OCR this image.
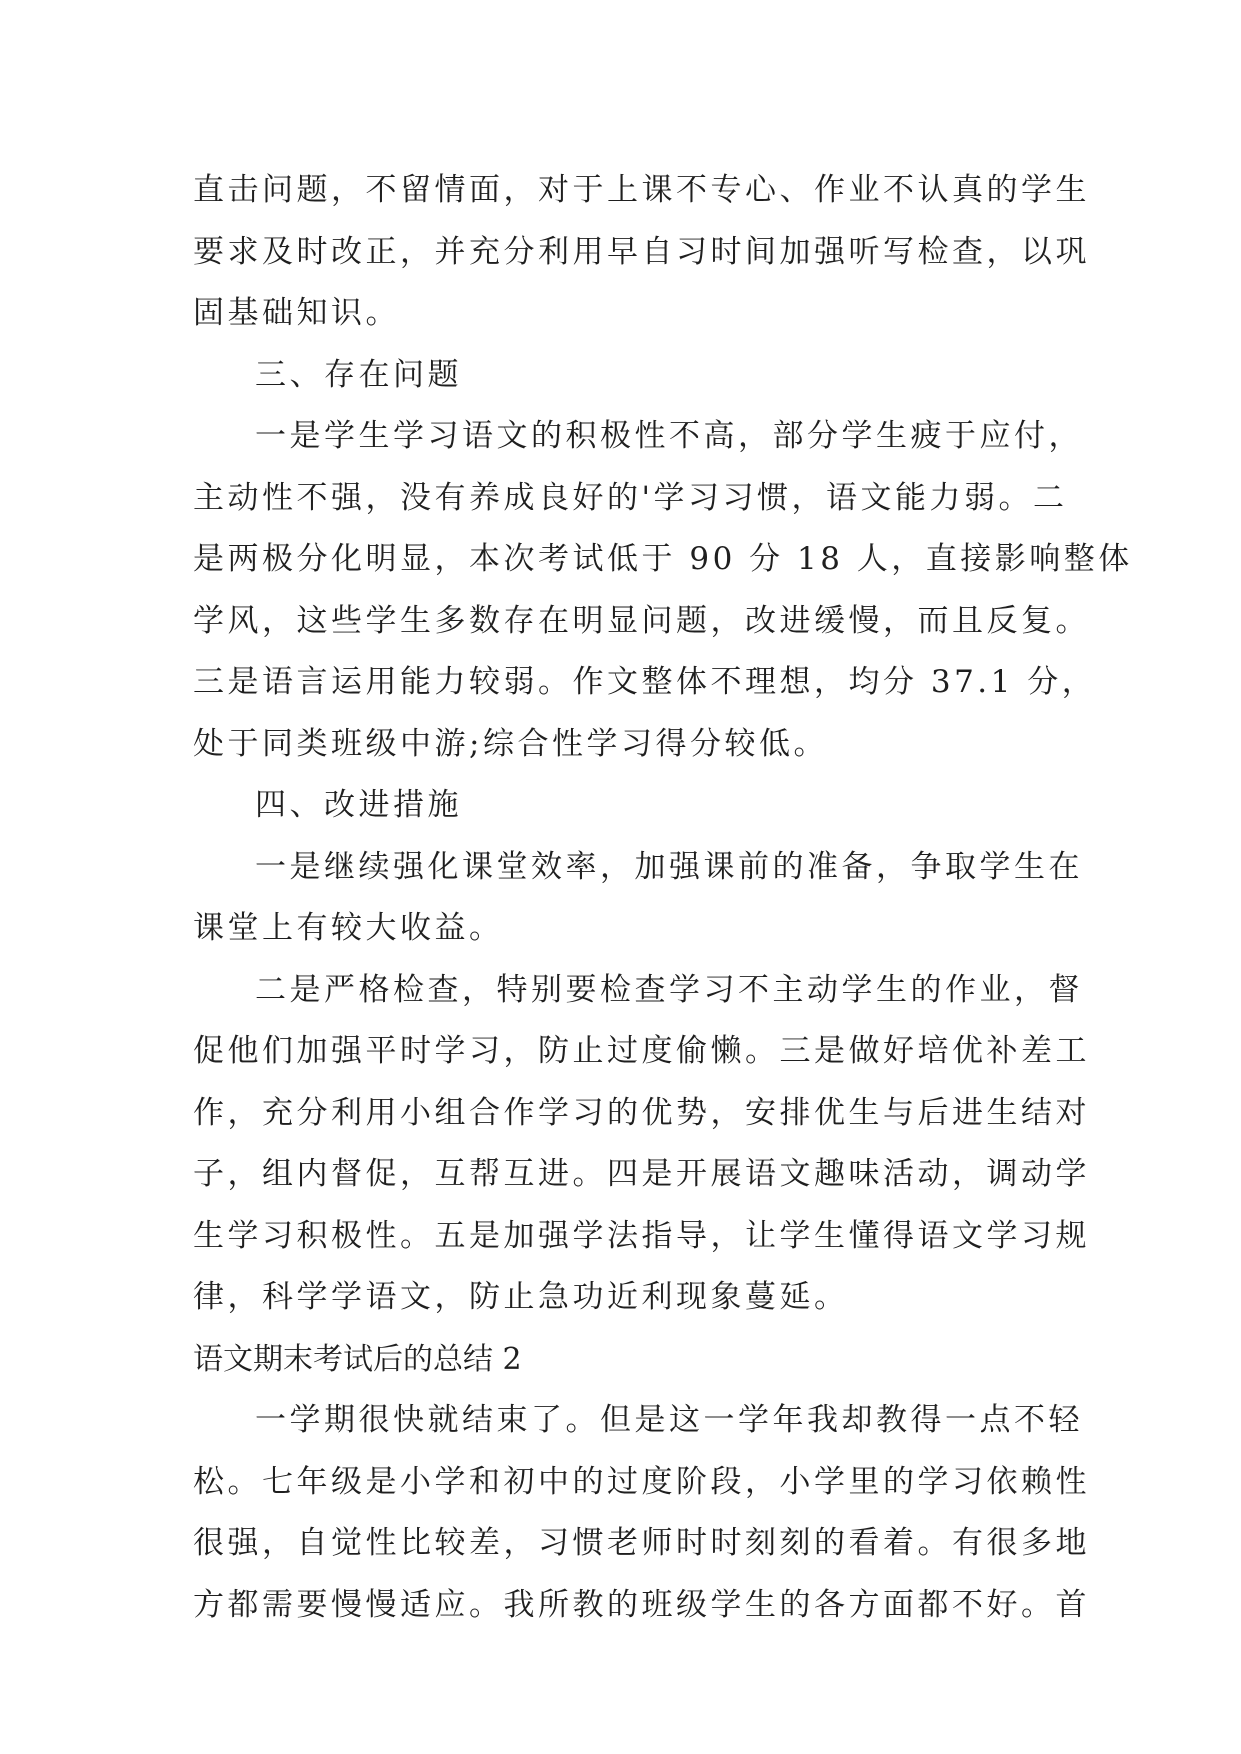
直击问题，不留情面，对于上课不专心、作业不认真的学生
要求及时改正，并充分利用早自习时间加强听写检查，以巩
固基础知识。
三、存在问题
一是学生学习语文的积极性不高，部分学生疲于应付，
主动性不强，没有养成良好的'学习习惯，语文能力弱。二
是两极分化明显，本次考试低于 90 分 18 人，直接影响整体
学风，这些学生多数存在明显问题，改进缓慢，而且反复。
三是语言运用能力较弱。作文整体不理想，均分 37.1 分，
处于同类班级中游;综合性学习得分较低。
四、改进措施
一是继续强化课堂效率，加强课前的准备，争取学生在
课堂上有较大收益。
二是严格检查，特别要检查学习不主动学生的作业，督
促他们加强平时学习，防止过度偷懒。三是做好培优补差工
作，充分利用小组合作学习的优势，安排优生与后进生结对
子，组内督促，互帮互进。四是开展语文趣味活动，调动学
生学习积极性。五是加强学法指导，让学生懂得语文学习规
律，科学学语文，防止急功近利现象蔓延。
语文期末考试后的总结 2
一学期很快就结束了。但是这一学年我却教得一点不轻
松。七年级是小学和初中的过度阶段，小学里的学习依赖性
很强，自觉性比较差，习惯老师时时刻刻的看着。有很多地
方都需要慢慢适应。我所教的班级学生的各方面都不好。首
